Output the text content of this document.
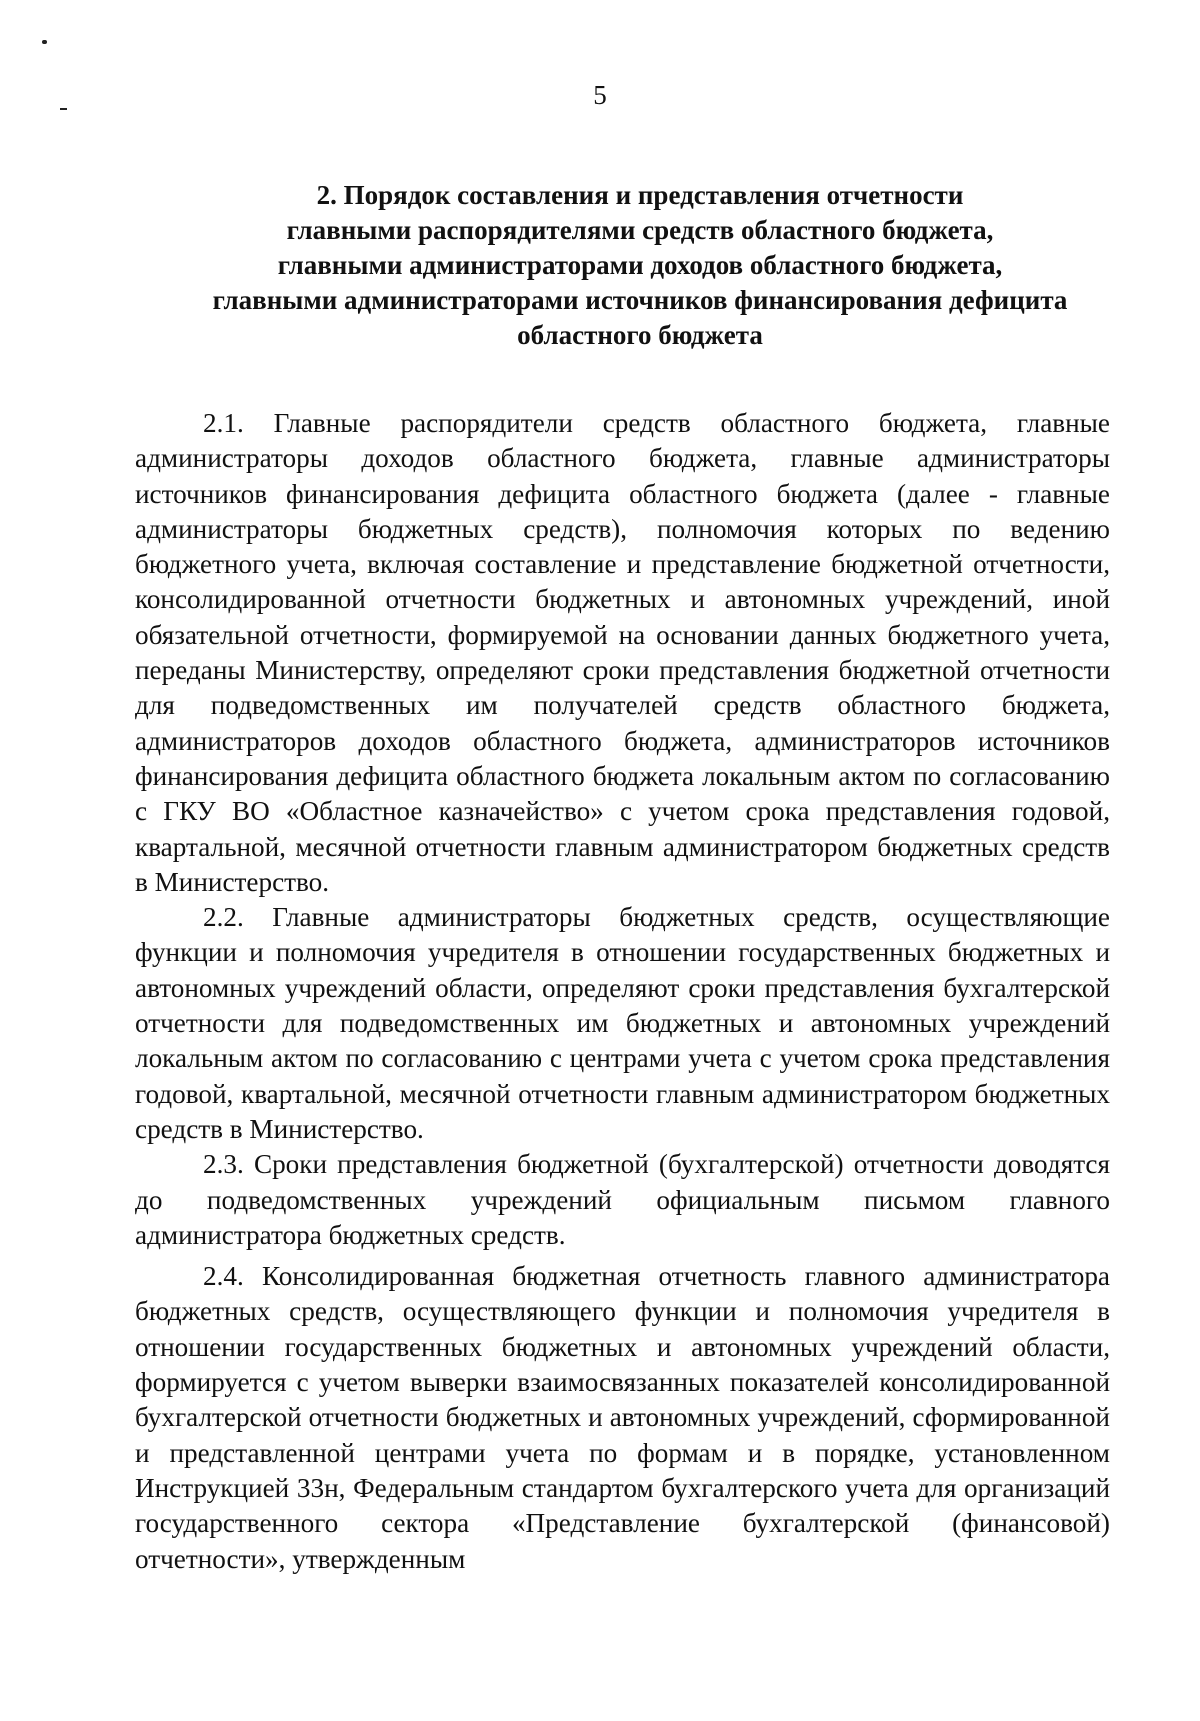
5
2. Порядок составления и представления отчетности
главными распорядителями средств областного бюджета,
главными администраторами доходов областного бюджета,
главными администраторами источников финансирования дефицита
областного бюджета

2.1. Главные распорядители средств областного бюджета, главные администраторы доходов областного бюджета, главные администраторы источников финансирования дефицита областного бюджета (далее - главные администраторы бюджетных средств), полномочия которых по ведению бюджетного учета, включая составление и представление бюджетной отчетности, консолидированной отчетности бюджетных и автономных учреждений, иной обязательной отчетности, формируемой на основании данных бюджетного учета, переданы Министерству, определяют сроки представления бюджетной отчетности для подведомственных им получателей средств областного бюджета, администраторов доходов областного бюджета, администраторов источников финансирования дефицита областного бюджета локальным актом по согласованию с ГКУ ВО «Областное казначейство» с учетом срока представления годовой, квартальной, месячной отчетности главным администратором бюджетных средств в Министерство.

2.2. Главные администраторы бюджетных средств, осуществляющие функции и полномочия учредителя в отношении государственных бюджетных и автономных учреждений области, определяют сроки представления бухгалтерской отчетности для подведомственных им бюджетных и автономных учреждений локальным актом по согласованию с центрами учета с учетом срока представления годовой, квартальной, месячной отчетности главным администратором бюджетных средств в Министерство.

2.3. Сроки представления бюджетной (бухгалтерской) отчетности доводятся до подведомственных учреждений официальным письмом главного администратора бюджетных средств.

2.4. Консолидированная бюджетная отчетность главного администратора бюджетных средств, осуществляющего функции и полномочия учредителя в отношении государственных бюджетных и автономных учреждений области, формируется с учетом выверки взаимосвязанных показателей консолидированной бухгалтерской отчетности бюджетных и автономных учреждений, сформированной и представленной центрами учета по формам и в порядке, установленном Инструкцией 33н, Федеральным стандартом бухгалтерского учета для организаций государственного сектора «Представление бухгалтерской (финансовой) отчетности», утвержденным
